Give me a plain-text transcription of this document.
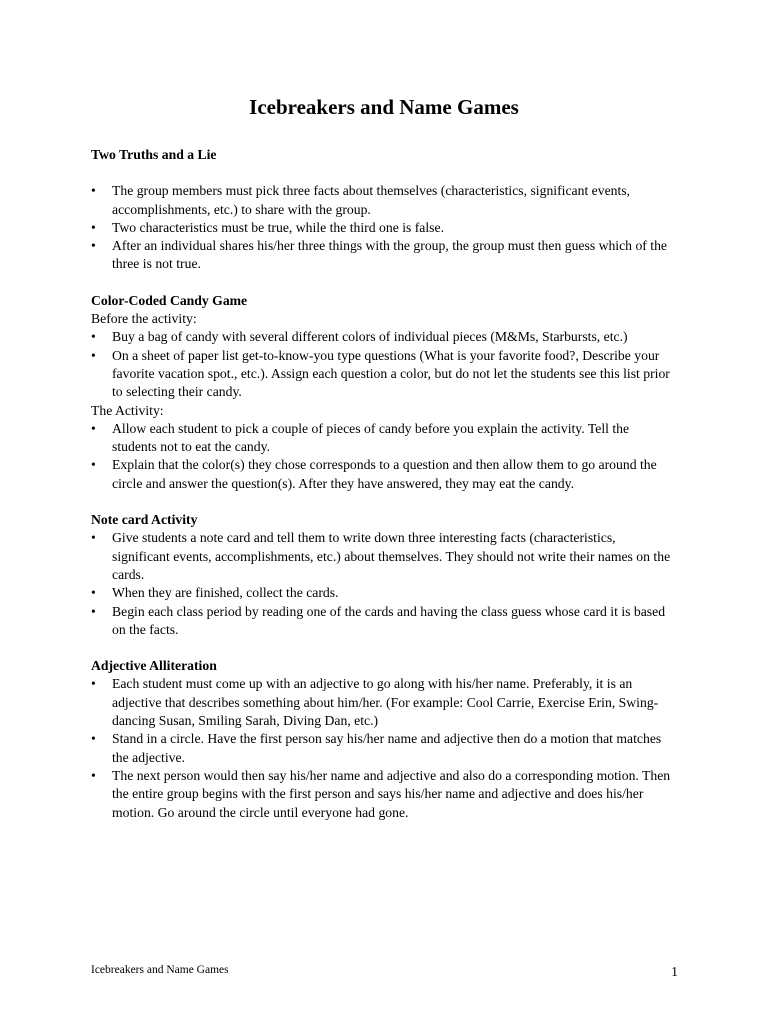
Icebreakers and Name Games

Two Truths and a Lie

•	The group members must pick three facts about themselves (characteristics, significant events, accomplishments, etc.) to share with the group.
•	Two characteristics must be true, while the third one is false.
•	After an individual shares his/her three things with the group, the group must then guess which of the three is not true.

Color-Coded Candy Game

Before the activity:

•	Buy a bag of candy with several different colors of individual pieces (M&Ms, Starbursts, etc.)
•	On a sheet of paper list get-to-know-you type questions (What is your favorite food?, Describe your favorite vacation spot., etc.). Assign each question a color, but do not let the students see this list prior to selecting their candy.

The Activity:

•	Allow each student to pick a couple of pieces of candy before you explain the activity. Tell the students not to eat the candy.
•	Explain that the color(s) they chose corresponds to a question and then allow them to go around the circle and answer the question(s). After they have answered, they may eat the candy.

Note card Activity

•	Give students a note card and tell them to write down three interesting facts (characteristics, significant events, accomplishments, etc.) about themselves. They should not write their names on the cards.
•	When they are finished, collect the cards.
•	Begin each class period by reading one of the cards and having the class guess whose card it is based on the facts.

Adjective Alliteration

•	Each student must come up with an adjective to go along with his/her name. Preferably, it is an adjective that describes something about him/her. (For example: Cool Carrie, Exercise Erin, Swing-dancing Susan, Smiling Sarah, Diving Dan, etc.)
•	Stand in a circle. Have the first person say his/her name and adjective then do a motion that matches the adjective.
•	The next person would then say his/her name and adjective and also do a corresponding motion. Then the entire group begins with the first person and says his/her name and adjective and does his/her motion. Go around the circle until everyone had gone.
Icebreakers and Name Games	1
